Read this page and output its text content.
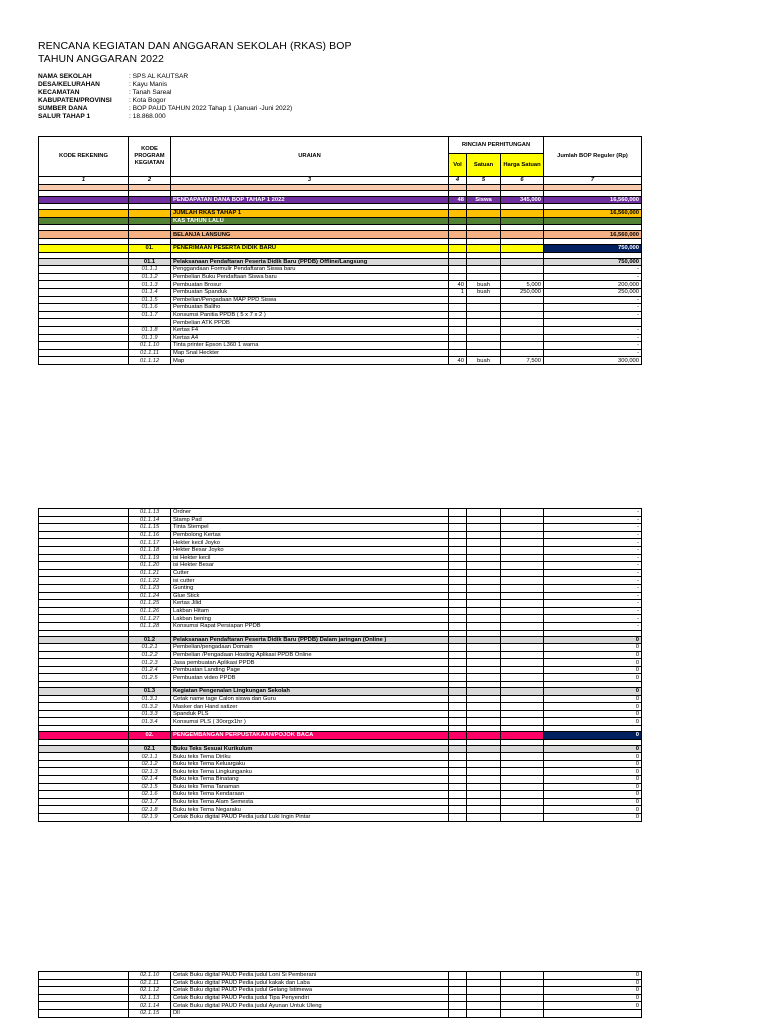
RENCANA KEGIATAN DAN ANGGARAN SEKOLAH (RKAS) BOP
TAHUN ANGGARAN 2022
NAMA SEKOLAH	: SPS AL KAUTSAR
DESA/KELURAHAN	: Kayu Manis
KECAMATAN	: Tanah Sareal
KABUPATEN/PROVINSI	: Kota Bogor
SUMBER DANA	: BOP PAUD TAHUN 2022 Tahap 1 (Januari -Juni 2022)
SALUR TAHAP 1	: 18.868.000
KODE REKENING	KODE PROGRAM KEGIATAN	URAIAN	RINCIAN PERHITUNGAN			Jumlah BOP Reguler (Rp)
			Vol	Satuan	Harga Satuan	
1	2	3	4	5	6	7

		PENDAPATAN DANA BOP TAHAP 1 2022	48	Siswa	345,000	16,560,000

		JUMLAH RKAS TAHAP 1				16,560,000
		KAS TAHUN LALU				

		BELANJA LANSUNG				16,560,000

	01.	PENERIMAAN PESERTA DIDIK BARU				750,000

	01.1	Pelaksanaan Pendaftaran Peserta Didik Baru (PPDB) Offline/Langsung				750,000
	01.1.1	Penggandaan Formulir Pendaftaran Siswa baru				-
	01.1.2	Pembelian Buku Pendaftaan Siswa baru				-
	01.1.3	Pembuatan Brosur	40	buah	5,000	200,000
	01.1.4	Pembuatan Spanduk	1	buah	250,000	250,000
	01.1.5	Pembelian/Pengadaan MAP PPD Siswa				-
	01.1.6	Pembuatan Baliho				-
	01.1.7	Konsumsi Panitia PPDB ( 5 x 7 x 2 )				-
		Pembelian ATK PPDB				
	01.1.8	Kertas F4				-
	01.1.9	Kertas A4				-
	01.1.10	Tinta printer Epson L360 1 warna				-
	01.1.11	Map Snal Heckter				-
	01.1.12	Map	40	buah	7,500	300,000
	01.1.13	Ordner				-
	01.1.14	Stamp Pad				-
	01.1.15	Tinta Stempel				-
	01.1.16	Pembolong Kertas				-
	01.1.17	Hekter kecil Joyko				-
	01.1.18	Hekter Besar Joyko				-
	01.1.19	isi Hekter kecil				-
	01.1.20	isi Hekter Besar				-
	01.1.21	Cutter				-
	01.1.22	isi cutter				-
	01.1.23	Gunting				-
	01.1.24	Glue Stick				-
	01.1.25	Kertas Jilid				-
	01.1.26	Lakban Hitam				-
	01.1.27	Lakban bening				-
	01.1.28	Konsumsi Rapat Persiapan PPDB				-

	01.2	Pelaksanaan Pendaftaran Peserta Didik Baru (PPDB) Dalam jaringan (Online )				0
	01.2.1	Pembelian/pengadaan Domain				0
	01.2.2	Pembelian /Pengadaan Hosting Aplikasi PPDB Online				0
	01.2.3	Jasa pembuatan Aplikasi PPDB				0
	01.2.4	Pembuatan Landing Page				0
	01.2.5	Pembuatan video PPDB				0

	01.3	Kegiatan Pengenalan Lingkungan Sekolah				0
	01.3.1	Cetak name tage Calon siswa dan Guru				0
	01.3.2	Masker dan Hand satizer				0
	01.3.3	Spanduk PLS				0
	01.3.4	Konsumsi PLS ( 30orgx1hr )				0

	02.	PENGEMBANGAN PERPUSTAKAAN/POJOK BACA				0

	02.1	Buku Teks Sesuai Kurikulum				0
	02.1.1	Buku teks Tema Diriku				0
	02.1.2	Buku teks Tema Keluargaku				0
	02.1.3	Buku teks Tema Lingkunganku				0
	02.1.4	Buku teks Tema Binatang				0
	02.1.5	Buku teks Tema Tanaman				0
	02.1.6	Buku teks Tema Kendaraan				0
	02.1.7	Buku teks Tema Alam Semesta				0
	02.1.8	Buku teks Tema Negaraku				0
	02.1.9	Cetak Buku digital PAUD Pedia judul Luki Ingin Pintar				0
	02.1.10	Cetak Buku digital PAUD Pedia judul Loni Si Pemberani				0
	02.1.11	Cetak Buku digital PAUD Pedia judul kakak dan Laba				0
	02.1.12	Cetak Buku digital PAUD Pedia judul Gelang Istimewa				0
	02.1.13	Cetak Buku digital PAUD Pedia judul Tipa Penyendiri				0
	02.1.14	Cetak Buku digital PAUD Pedia judul Ayunan Untuk Uleng				0
	02.1.15	Dll				
